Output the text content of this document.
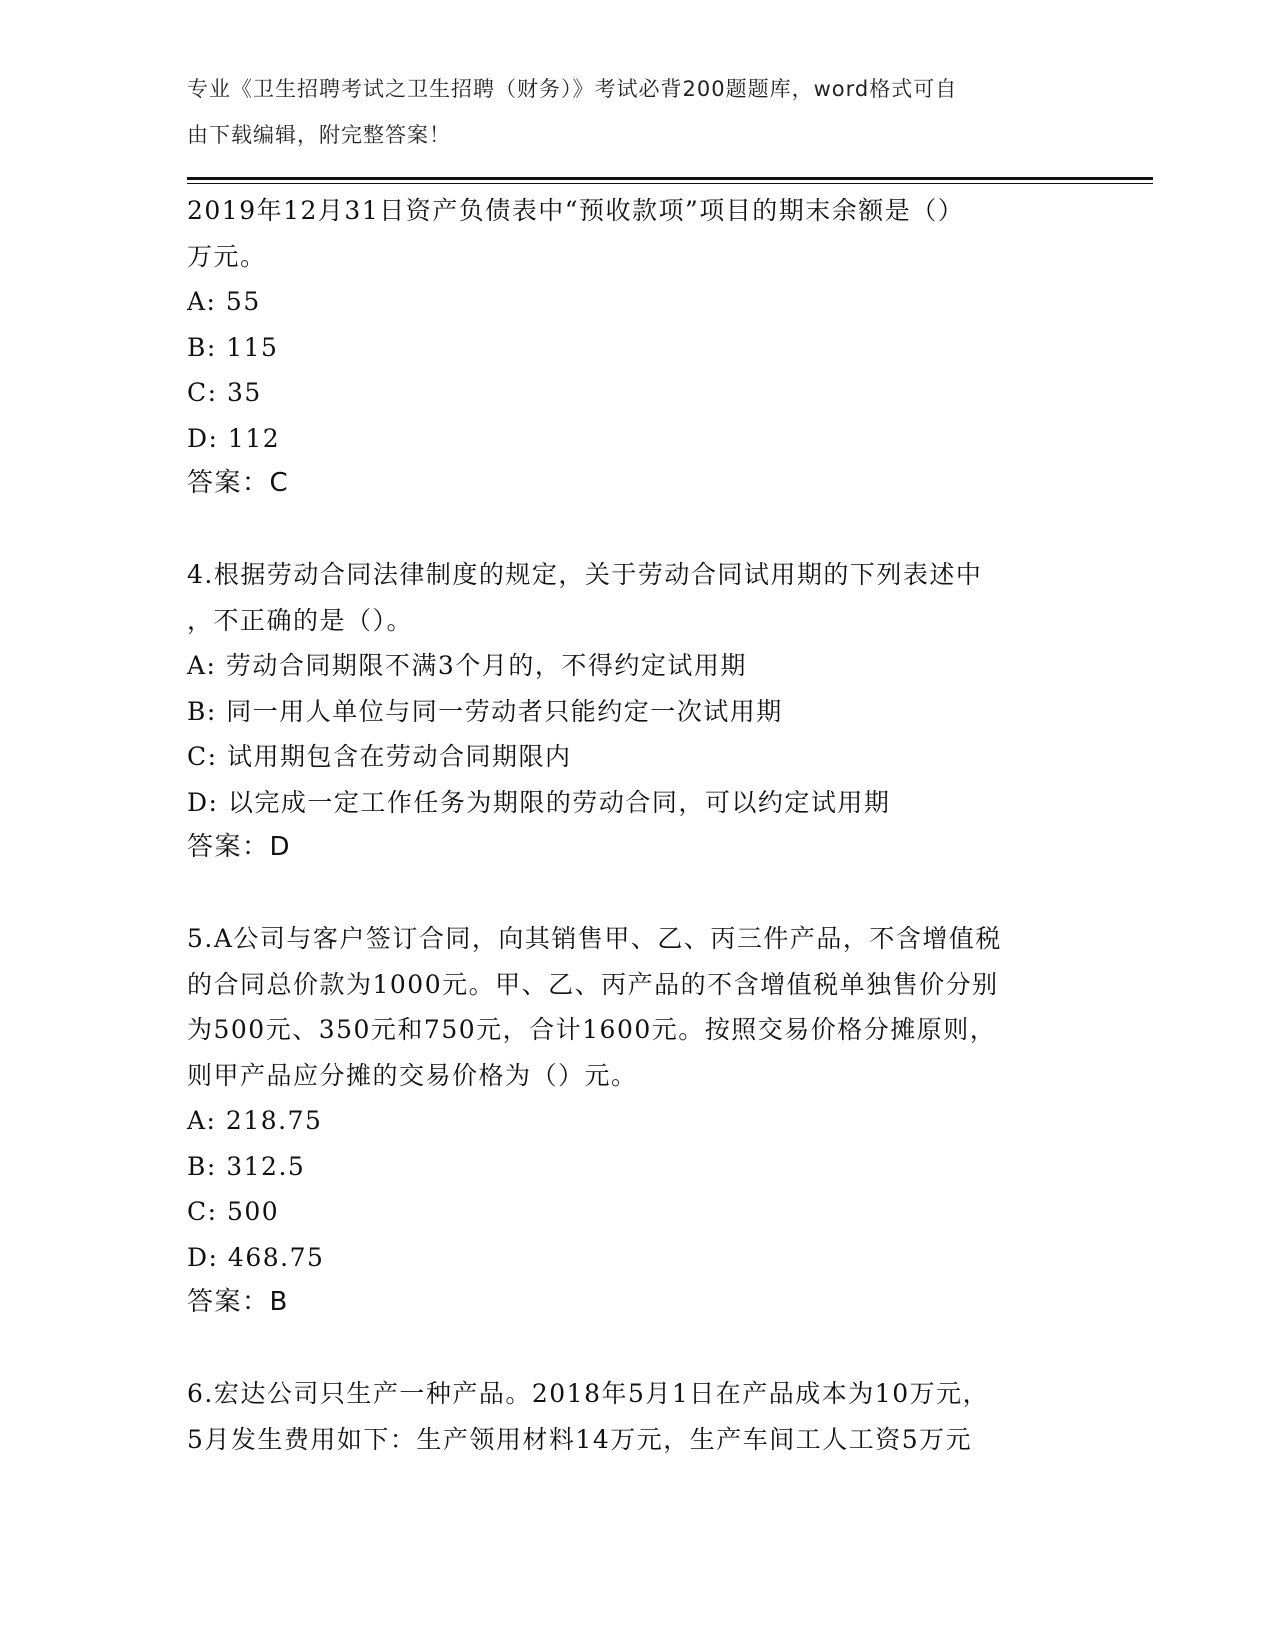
专业《卫生招聘考试之卫生招聘（财务）》考试必背200题题库，word格式可自
由下载编辑，附完整答案！
2019年12月31日资产负债表中“预收款项”项目的期末余额是（）
万元。
A: 55
B: 115
C: 35
D: 112
答案：C
4.根据劳动合同法律制度的规定，关于劳动合同试用期的下列表述中
，不正确的是（）。
A: 劳动合同期限不满3个月的，不得约定试用期
B: 同一用人单位与同一劳动者只能约定一次试用期
C: 试用期包含在劳动合同期限内
D: 以完成一定工作任务为期限的劳动合同，可以约定试用期
答案：D
5.A公司与客户签订合同，向其销售甲、乙、丙三件产品，不含增值税
的合同总价款为1000元。甲、乙、丙产品的不含增值税单独售价分别
为500元、350元和750元，合计1600元。按照交易价格分摊原则，
则甲产品应分摊的交易价格为（）元。
A: 218.75
B: 312.5
C: 500
D: 468.75
答案：B
6.宏达公司只生产一种产品。2018年5月1日在产品成本为10万元，
5月发生费用如下：生产领用材料14万元，生产车间工人工资5万元
